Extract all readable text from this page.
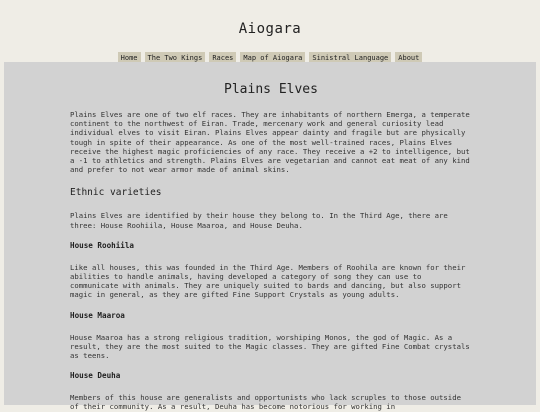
Aiogara
Home	The Two Kings	Races	Map of Aiogara	Sinistral Language	About
Plains Elves

Plains Elves are one of two elf races. They are inhabitants of northern Emerga, a temperate continent to the northwest of Eiran. Trade, mercenary work and general curiosity lead individual elves to visit Eiran. Plains Elves appear dainty and fragile but are physically tough in spite of their appearance. As one of the most well-trained races, Plains Elves receive the highest magic proficiencies of any race. They receive a +2 to intelligence, but a -1 to athletics and strength. Plains Elves are vegetarian and cannot eat meat of any kind and prefer to not wear armor made of animal skins.

Ethnic varieties

Plains Elves are identified by their house they belong to. In the Third Age, there are three: House Roohiila, House Maaroa, and House Deuha.

House Roohiila

Like all houses, this was founded in the Third Age. Members of Roohila are known for their abilities to handle animals, having developed a category of song they can use to communicate with animals. They are uniquely suited to bards and dancing, but also support magic in general, as they are gifted Fine Support Crystals as young adults.

House Maaroa

House Maaroa has a strong religious tradition, worshiping Monos, the god of Magic. As a result, they are the most suited to the Magic classes. They are gifted Fine Combat crystals as teens.

House Deuha

Members of this house are generalists and opportunists who lack scruples to those outside of their community. As a result, Deuha has become notorious for working in
